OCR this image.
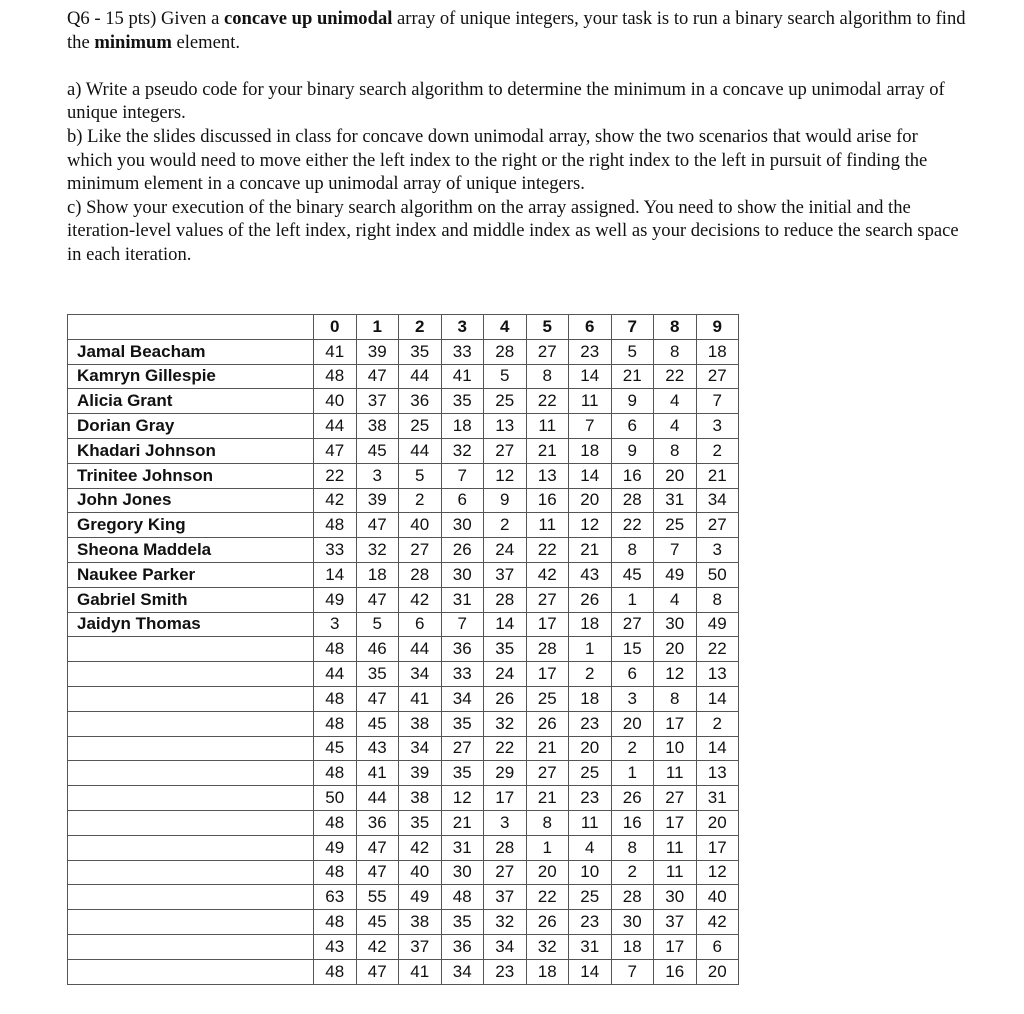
Q6 - 15 pts) Given a concave up unimodal array of unique integers, your task is to run a binary search algorithm to find the minimum element.

a) Write a pseudo code for your binary search algorithm to determine the minimum in a concave up unimodal array of unique integers.

b) Like the slides discussed in class for concave down unimodal array, show the two scenarios that would arise for which you would need to move either the left index to the right or the right index to the left in pursuit of finding the minimum element in a concave up unimodal array of unique integers.

c) Show your execution of the binary search algorithm on the array assigned. You need to show the initial and the iteration-level values of the left index, right index and middle index as well as your decisions to reduce the search space in each iteration.

	0	1	2	3	4	5	6	7	8	9
Jamal Beacham	41	39	35	33	28	27	23	5	8	18
Kamryn Gillespie	48	47	44	41	5	8	14	21	22	27
Alicia Grant	40	37	36	35	25	22	11	9	4	7
Dorian Gray	44	38	25	18	13	11	7	6	4	3
Khadari Johnson	47	45	44	32	27	21	18	9	8	2
Trinitee Johnson	22	3	5	7	12	13	14	16	20	21
John Jones	42	39	2	6	9	16	20	28	31	34
Gregory King	48	47	40	30	2	11	12	22	25	27
Sheona Maddela	33	32	27	26	24	22	21	8	7	3
Naukee Parker	14	18	28	30	37	42	43	45	49	50
Gabriel Smith	49	47	42	31	28	27	26	1	4	8
Jaidyn Thomas	3	5	6	7	14	17	18	27	30	49
	48	46	44	36	35	28	1	15	20	22
	44	35	34	33	24	17	2	6	12	13
	48	47	41	34	26	25	18	3	8	14
	48	45	38	35	32	26	23	20	17	2
	45	43	34	27	22	21	20	2	10	14
	48	41	39	35	29	27	25	1	11	13
	50	44	38	12	17	21	23	26	27	31
	48	36	35	21	3	8	11	16	17	20
	49	47	42	31	28	1	4	8	11	17
	48	47	40	30	27	20	10	2	11	12
	63	55	49	48	37	22	25	28	30	40
	48	45	38	35	32	26	23	30	37	42
	43	42	37	36	34	32	31	18	17	6
	48	47	41	34	23	18	14	7	16	20
